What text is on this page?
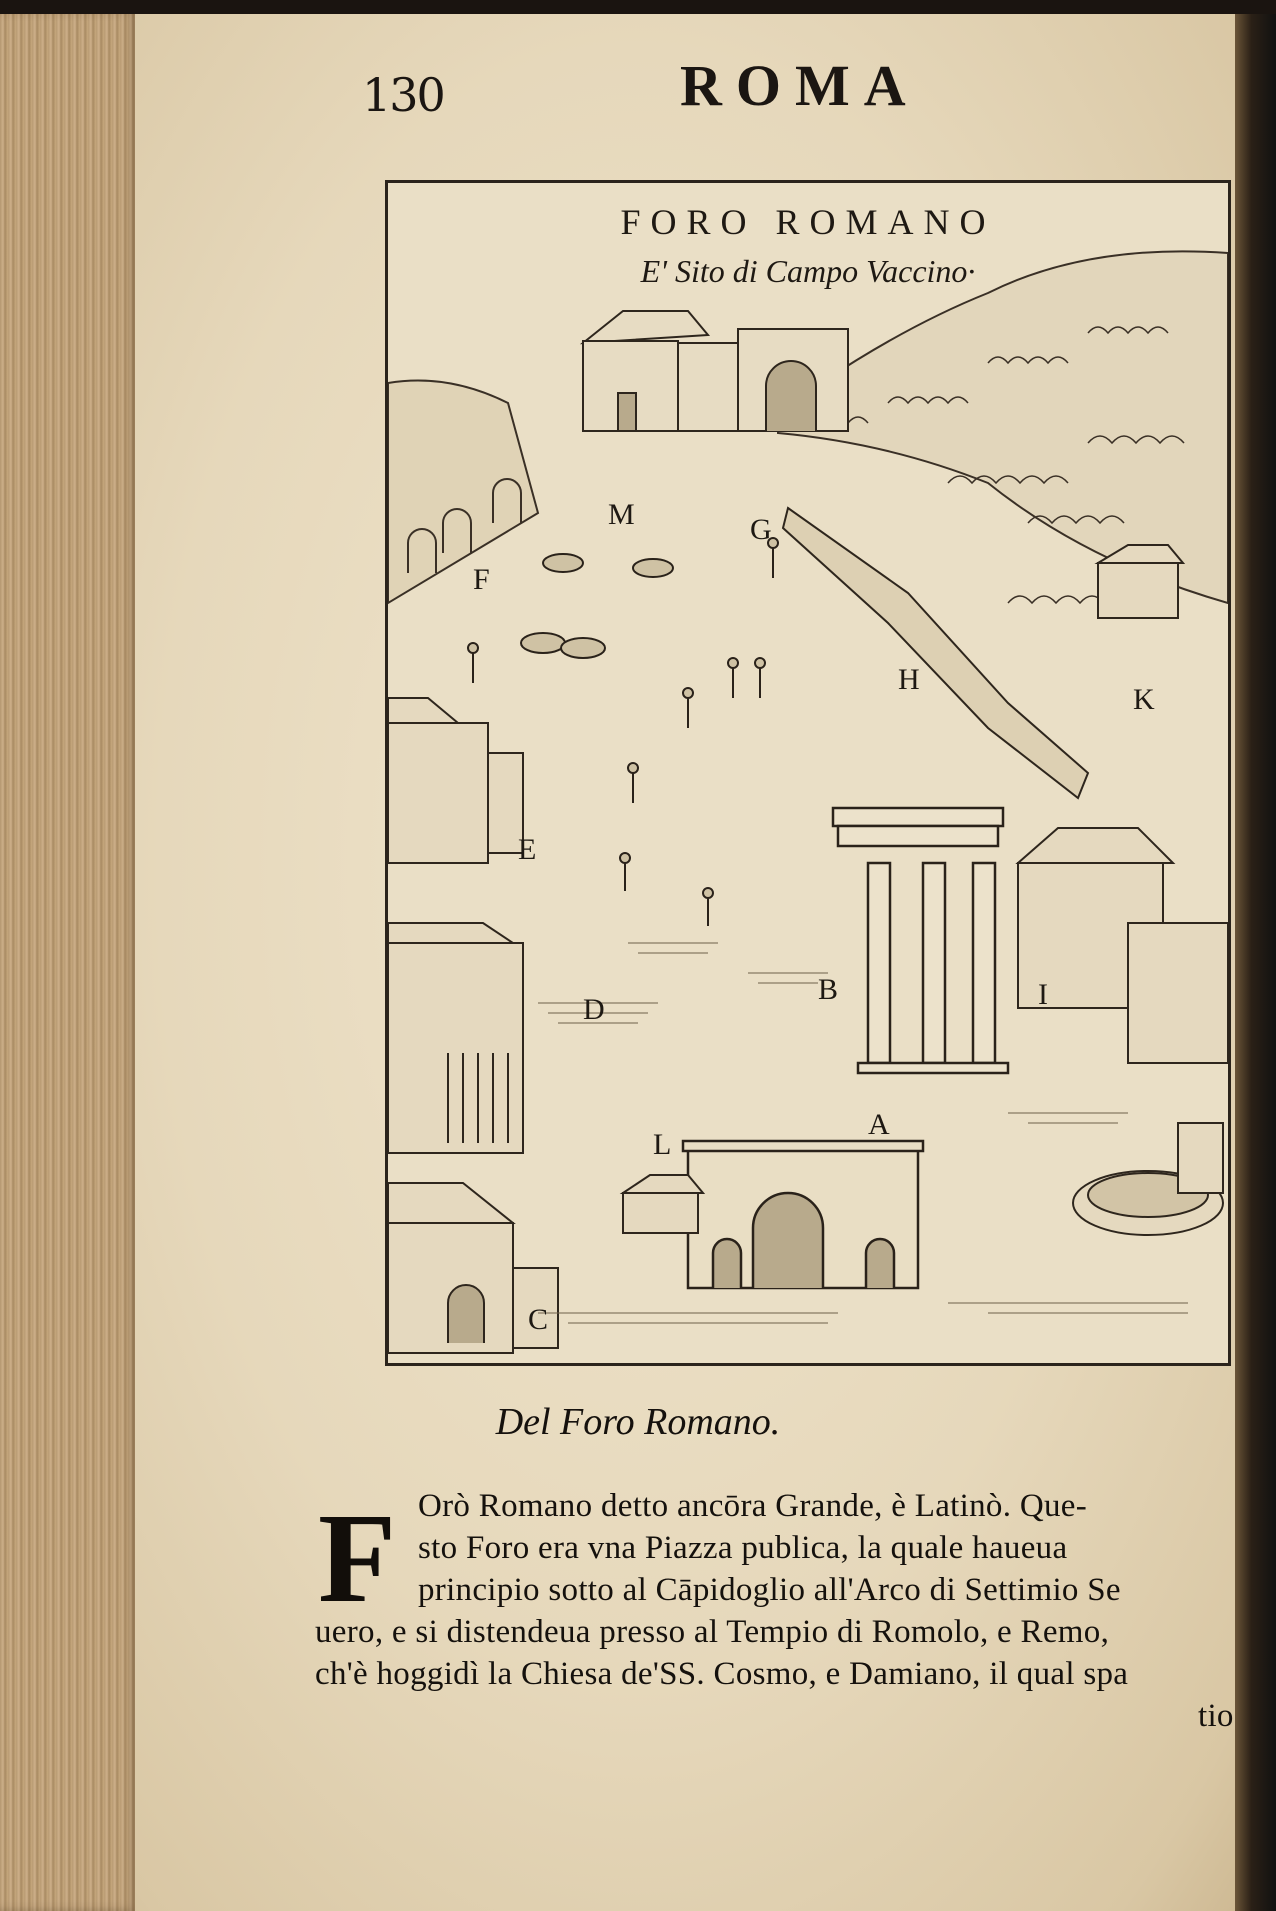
130	ROMA
FORO ROMANO
E' Sito di Campo Vaccino·
M	G
F
H
K
E
D
B	I
L
A
C
Del Foro Romano.
F Orò Romano detto ancōra Grande, è Latinò. Que-
sto Foro era vna Piazza publica, la quale haueua
principio sotto al Cāpidoglio all'Arco di Settimio Se
uero, e si distendeua presso al Tempio di Romolo, e Remo,
ch'è hoggidì la Chiesa de'SS. Cosmo, e Damiano, il qual spa
tio
